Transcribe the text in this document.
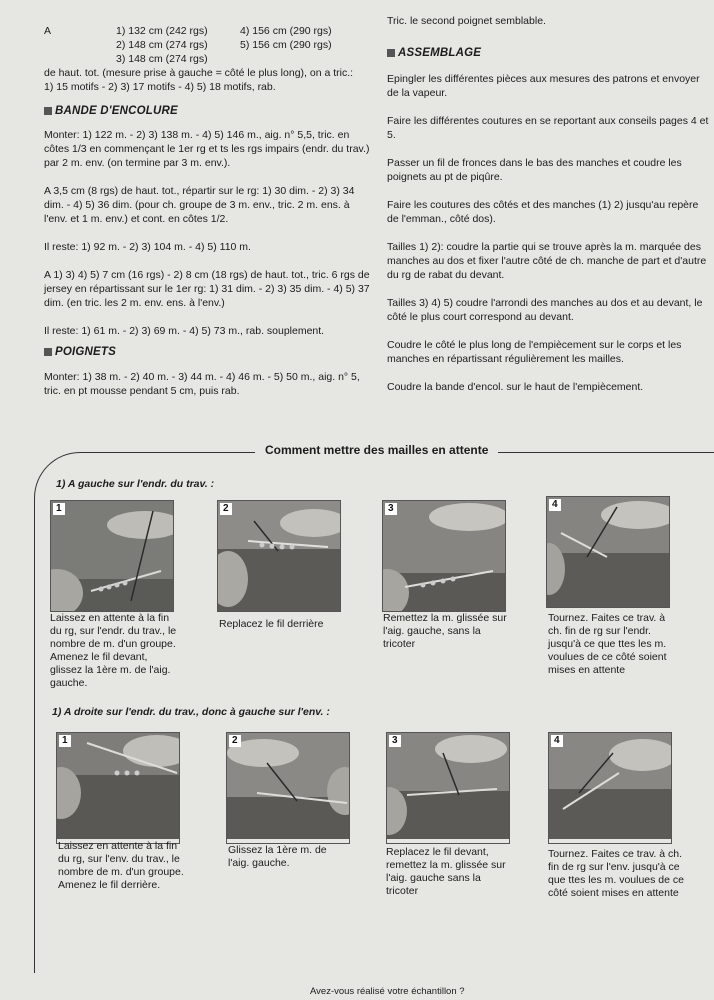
A	1) 132 cm (242 rgs)	4) 156 cm (290 rgs)
2) 148 cm (274 rgs)	5) 156 cm (290 rgs)
3) 148 cm (274 rgs)
de haut. tot. (mesure prise à gauche = côté le plus long), on a tric.:
1) 15 motifs - 2) 3) 17 motifs - 4) 5) 18 motifs, rab.
BANDE D'ENCOLURE

Monter: 1) 122 m. - 2) 3) 138 m. - 4) 5) 146 m., aig. n° 5,5, tric. en côtes 1/3 en commençant le 1er rg et ts les rgs impairs (endr. du trav.) par 2 m. env. (on termine par 3 m. env.).

A 3,5 cm (8 rgs) de haut. tot., répartir sur le rg: 1) 30 dim. - 2) 3) 34 dim. - 4) 5) 36 dim. (pour ch. groupe de 3 m. env., tric. 2 m. ens. à l'env. et 1 m. env.) et cont. en côtes 1/2.

Il reste: 1) 92 m. - 2) 3) 104 m. - 4) 5) 110 m.

A 1) 3) 4) 5) 7 cm (16 rgs) - 2) 8 cm (18 rgs) de haut. tot., tric. 6 rgs de jersey en répartissant sur le 1er rg: 1) 31 dim. - 2) 3) 35 dim. - 4) 5) 37 dim. (en tric. les 2 m. env. ens. à l'env.)

Il reste: 1) 61 m. - 2) 3) 69 m. - 4) 5) 73 m., rab. souplement.

POIGNETS

Monter: 1) 38 m. - 2) 40 m. - 3) 44 m. - 4) 46 m. - 5) 50 m., aig. n° 5, tric. en pt mousse pendant 5 cm, puis rab.

Tric. le second poignet semblable.
ASSEMBLAGE

Epingler les différentes pièces aux mesures des patrons et envoyer de la vapeur.

Faire les différentes coutures en se reportant aux conseils pages 4 et 5.

Passer un fil de fronces dans le bas des manches et coudre les poignets au pt de piqûre.

Faire les coutures des côtés et des manches (1) 2) jusqu'au repère de l'emman., côté dos).

Tailles 1) 2): coudre la partie qui se trouve après la m. marquée des manches au dos et fixer l'autre côté de ch. manche de part et d'autre du rg de rabat du devant.

Tailles 3) 4) 5) coudre l'arrondi des manches au dos et au devant, le côté le plus court correspond au devant.

Coudre le côté le plus long de l'empiècement sur le corps et les manches en répartissant régulièrement les mailles.

Coudre la bande d'encol. sur le haut de l'empiècement.

Comment mettre des mailles en attente
1) A gauche sur l'endr. du trav. :
1	2	3	4
Laissez en attente à la fin du rg, sur l'endr. du trav., le nombre de m. d'un groupe. Amenez le fil devant, glissez la 1ère m. de l'aig. gauche.
Replacez le fil derrière	Remettez la m. glissée sur l'aig. gauche, sans la tricoter
Tournez. Faites ce trav. à ch. fin de rg sur l'endr. jusqu'à ce que ttes les m. voulues de ce côté soient mises en attente
1) A droite sur l'endr. du trav., donc à gauche sur l'env. :
1	2	3	4
Laissez en attente à la fin du rg, sur l'env. du trav., le nombre de m. d'un groupe. Amenez le fil derrière.
Glissez la 1ère m. de l'aig. gauche.
Replacez le fil devant, remettez la m. glissée sur l'aig. gauche sans la tricoter
Tournez. Faites ce trav. à ch. fin de rg sur l'env. jusqu'à ce que ttes les m. voulues de ce côté soient mises en attente
Avez-vous réalisé votre échantillon ?
